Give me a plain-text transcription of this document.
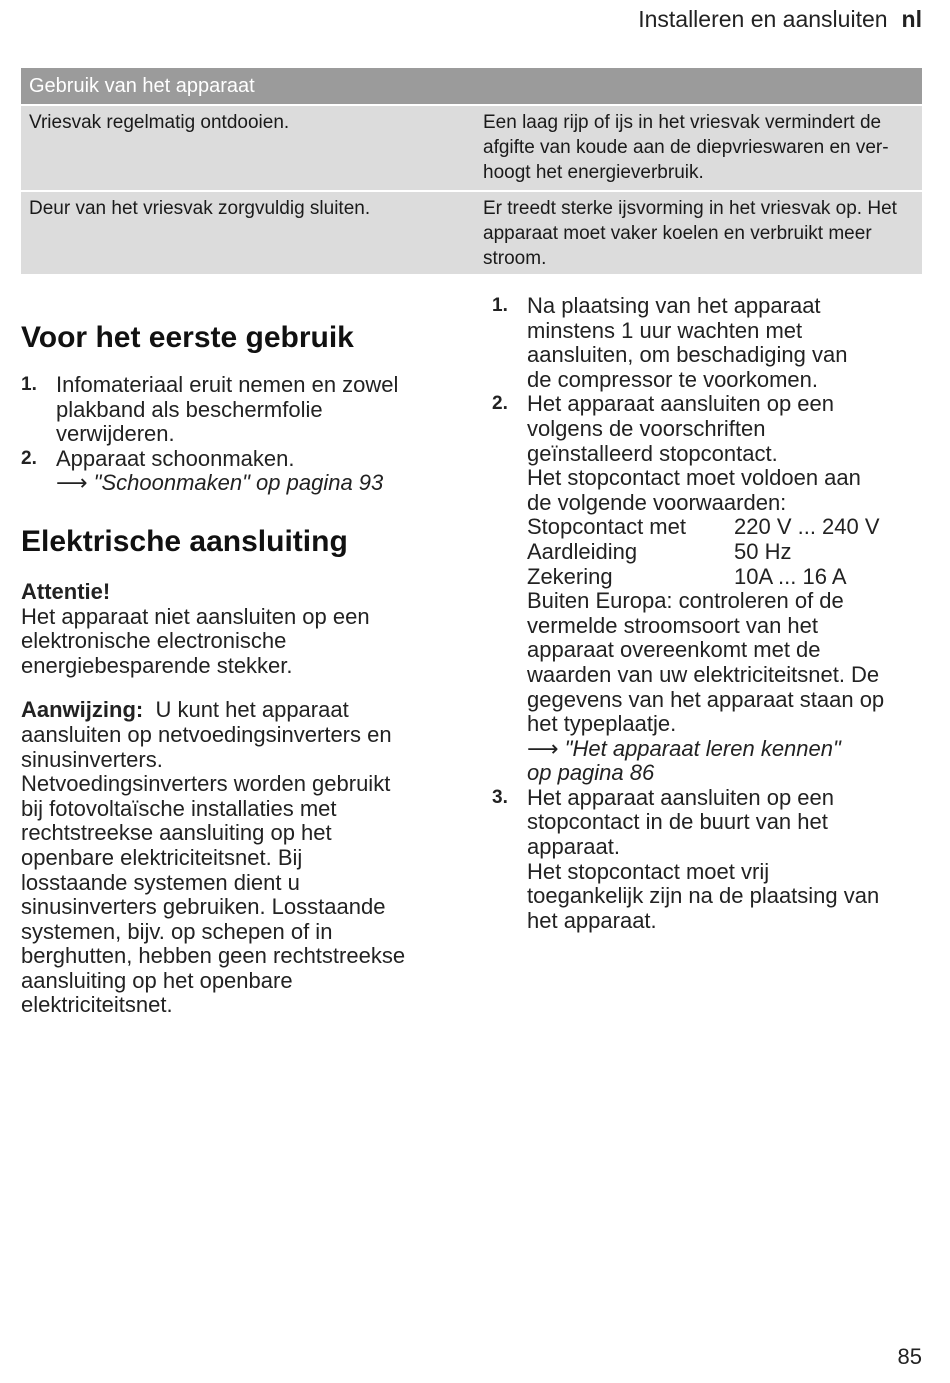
Installeren en aansluiten nl
Gebruik van het apparaat
Vriesvak regelmatig ontdooien.	Een laag rijp of ijs in het vriesvak vermindert de
afgifte van koude aan de diepvrieswaren en ver-
hoogt het energieverbruik.
Deur van het vriesvak zorgvuldig sluiten.	Er treedt sterke ijsvorming in het vriesvak op. Het
apparaat moet vaker koelen en verbruikt meer
stroom.
Voor het eerste gebruik
1. Infomateriaal eruit nemen en zowel
plakband als beschermfolie
verwijderen.
2. Apparaat schoonmaken.
⟶ "Schoonmaken" op pagina 93
Elektrische aansluiting
Attentie!
Het apparaat niet aansluiten op een
elektronische electronische
energiebesparende stekker.
Aanwijzing: U kunt het apparaat
aansluiten op netvoedingsinverters en
sinusinverters.
Netvoedingsinverters worden gebruikt
bij fotovoltaïsche installaties met
rechtstreekse aansluiting op het
openbare elektriciteitsnet. Bij
losstaande systemen dient u
sinusinverters gebruiken. Losstaande
systemen, bijv. op schepen of in
berghutten, hebben geen rechtstreekse
aansluiting op het openbare
elektriciteitsnet.
1. Na plaatsing van het apparaat
minstens 1 uur wachten met
aansluiten, om beschadiging van
de compressor te voorkomen.
2. Het apparaat aansluiten op een
volgens de voorschriften
geïnstalleerd stopcontact.
Het stopcontact moet voldoen aan
de volgende voorwaarden:
Stopcontact met	220 V ... 240 V
Aardleiding	50 Hz
Zekering	10A ... 16 A
Buiten Europa: controleren of de
vermelde stroomsoort van het
apparaat overeenkomt met de
waarden van uw elektriciteitsnet. De
gegevens van het apparaat staan op
het typeplaatje.
⟶ "Het apparaat leren kennen"
op pagina 86
3. Het apparaat aansluiten op een
stopcontact in de buurt van het
apparaat.
Het stopcontact moet vrij
toegankelijk zijn na de plaatsing van
het apparaat.
85
